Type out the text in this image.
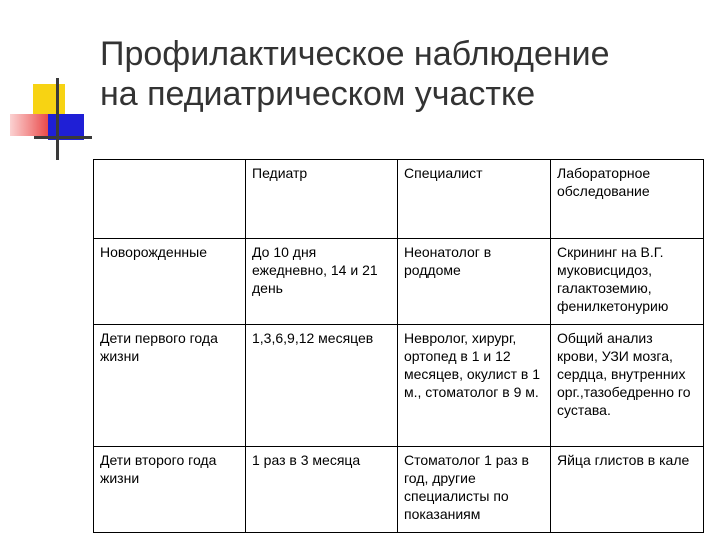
Профилактическое наблюдение
на педиатрическом участке
	Педиатр	Специалист	Лабораторное обследование
Новорожденные	До 10 дня ежедневно, 14 и 21 день	Неонатолог в роддоме	Скрининг на В.Г. муковисцидоз, галактоземию, фенилкетонурию
Дети первого года жизни	1,3,6,9,12 месяцев	Невролог, хирург, ортопед в 1 и 12 месяцев, окулист в 1 м., стоматолог в 9 м.	Общий анализ крови, УЗИ мозга, сердца, внутренних орг.,тазобедренно го сустава.
Дети второго года жизни	1 раз в 3 месяца	Стоматолог 1 раз в год, другие специалисты по показаниям	Яйца глистов в кале
